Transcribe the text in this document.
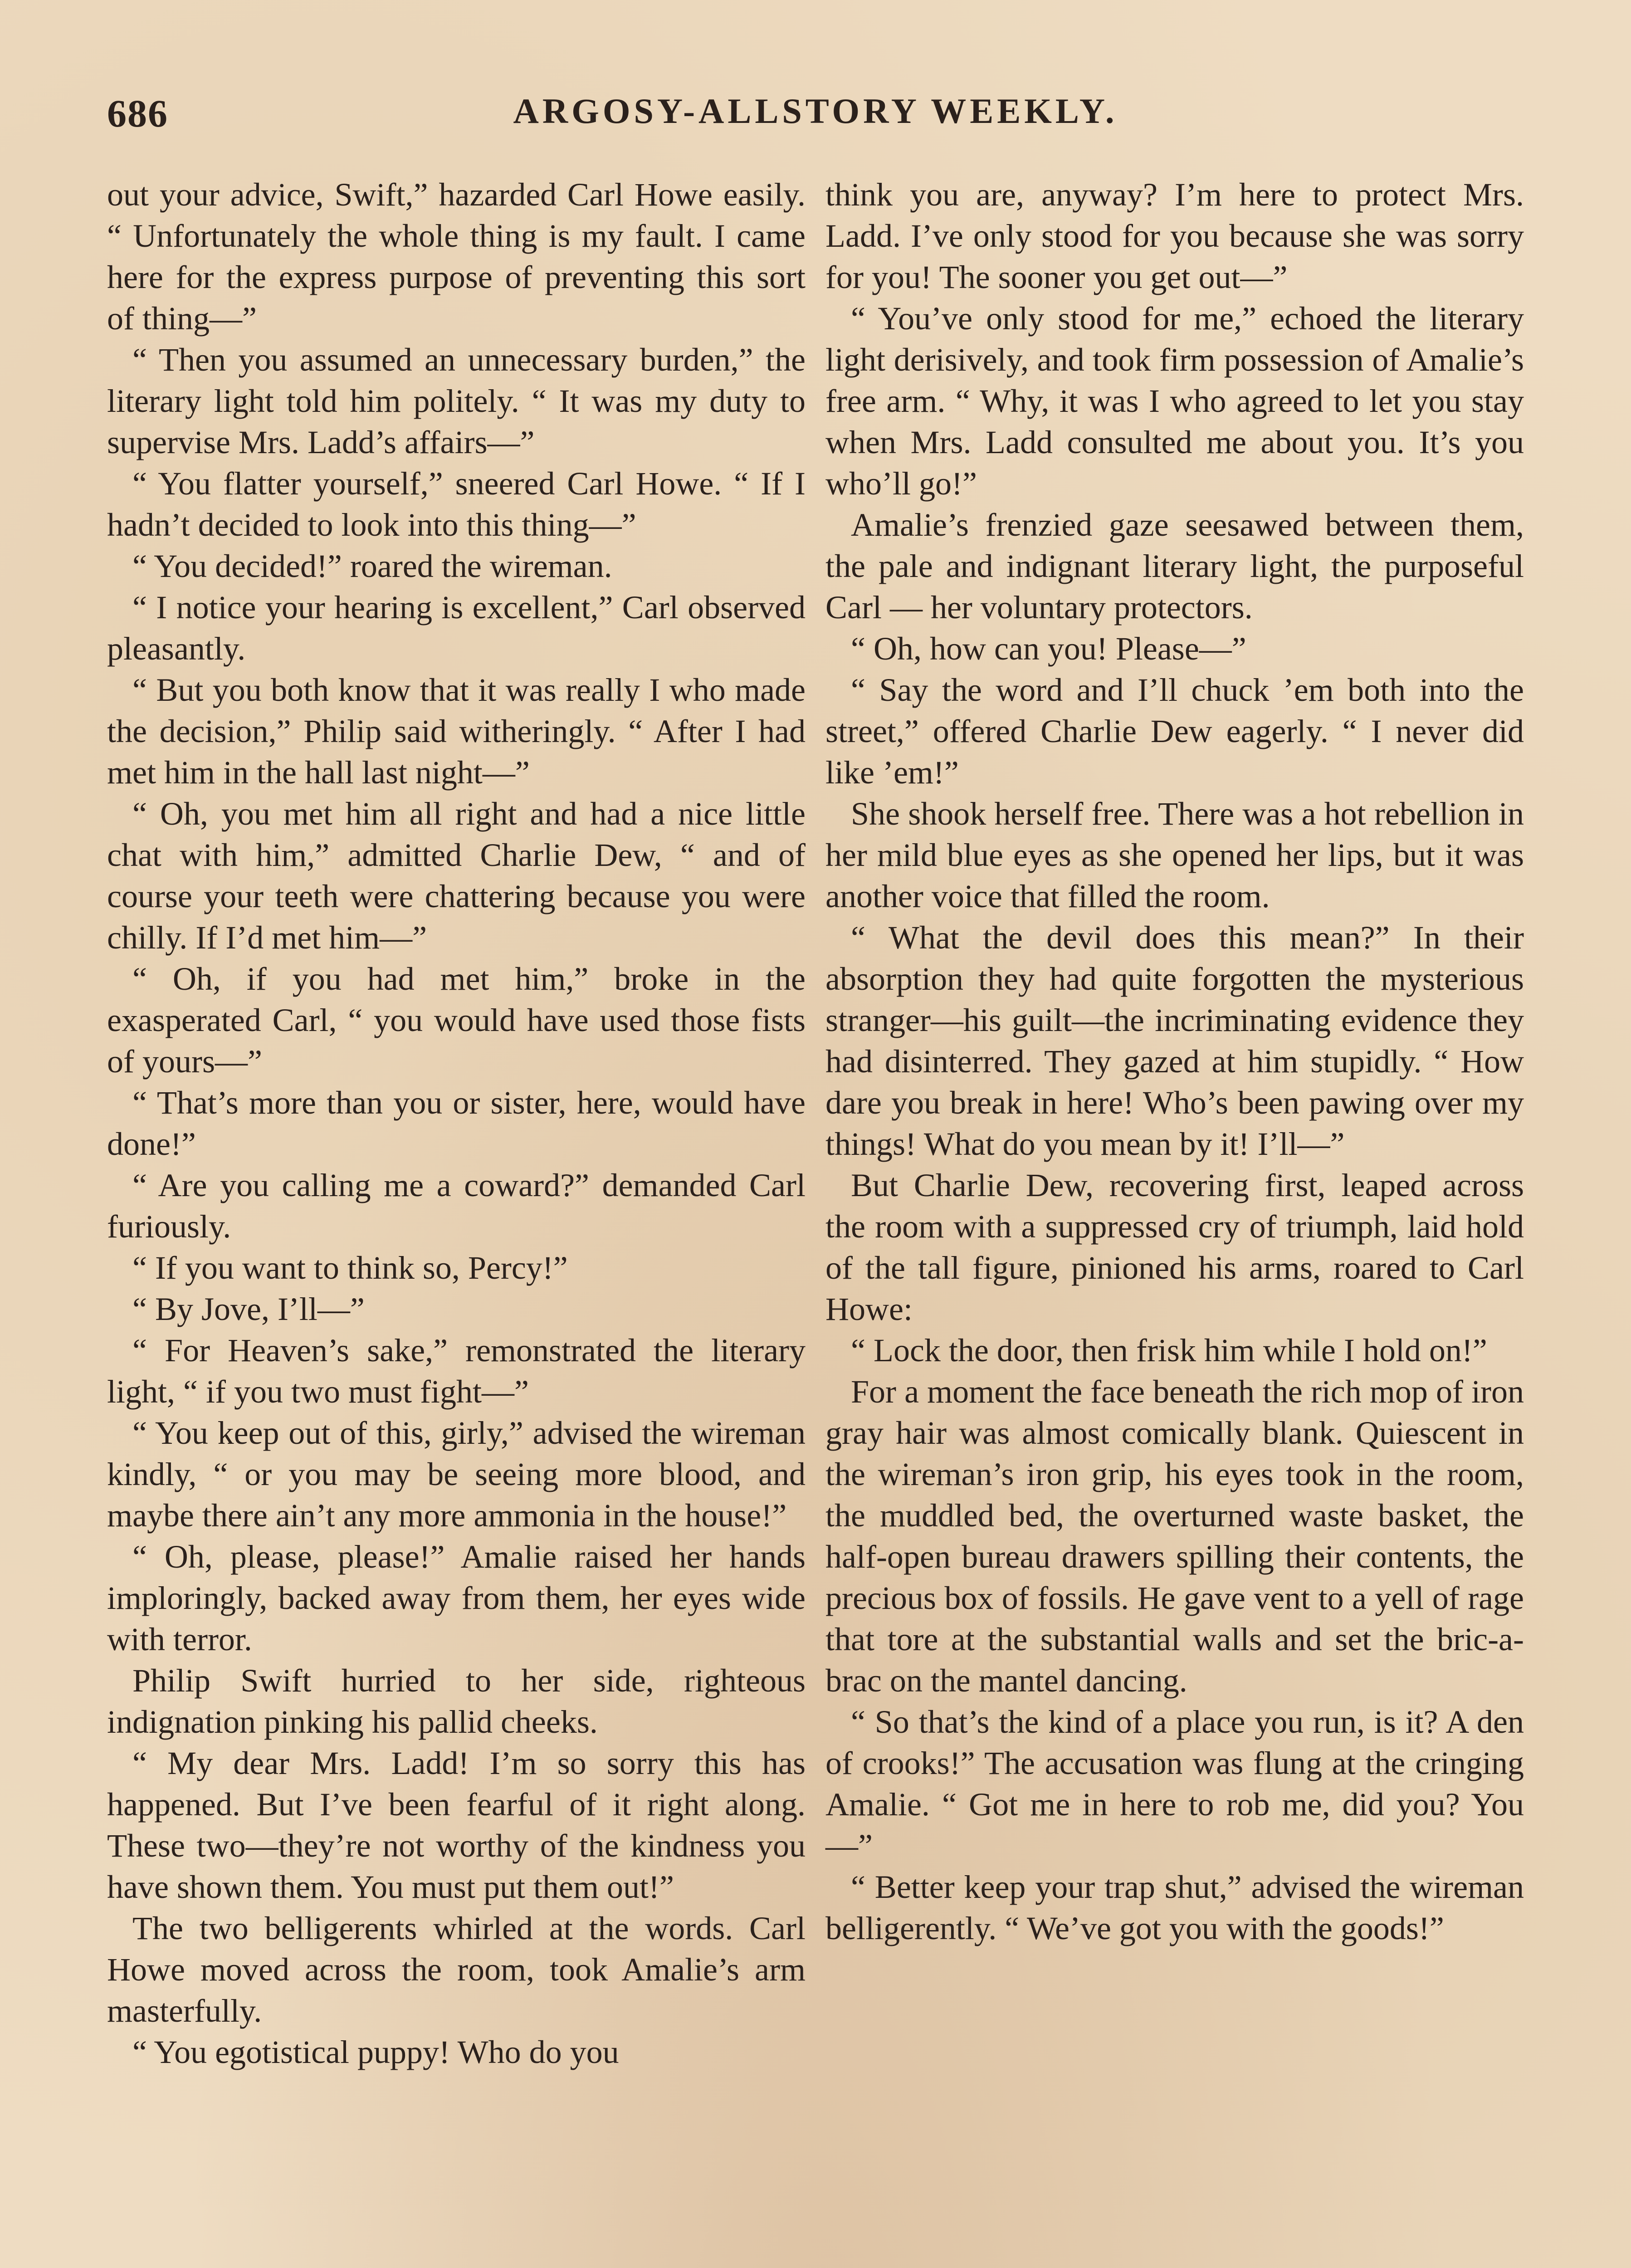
686	ARGOSY-ALLSTORY WEEKLY.

out your advice, Swift,” hazarded Carl Howe easily. “ Unfortunately the whole thing is my fault. I came here for the express purpose of preventing this sort of thing—”

“ Then you assumed an unnecessary burden,” the literary light told him politely. “ It was my duty to supervise Mrs. Ladd’s affairs—”

“ You flatter yourself,” sneered Carl Howe. “ If I hadn’t decided to look into this thing—”

“ You decided!” roared the wireman.

“ I notice your hearing is excellent,” Carl observed pleasantly.

“ But you both know that it was really I who made the decision,” Philip said witheringly. “ After I had met him in the hall last night—”

“ Oh, you met him all right and had a nice little chat with him,” admitted Charlie Dew, “ and of course your teeth were chattering because you were chilly. If I’d met him—”

“ Oh, if you had met him,” broke in the exasperated Carl, “ you would have used those fists of yours—”

“ That’s more than you or sister, here, would have done!”

“ Are you calling me a coward?” demanded Carl furiously.

“ If you want to think so, Percy!”

“ By Jove, I’ll—”

“ For Heaven’s sake,” remonstrated the literary light, “ if you two must fight—”

“ You keep out of this, girly,” advised the wireman kindly, “ or you may be seeing more blood, and maybe there ain’t any more ammonia in the house!”

“ Oh, please, please!” Amalie raised her hands imploringly, backed away from them, her eyes wide with terror.

Philip Swift hurried to her side, righteous indignation pinking his pallid cheeks.

“ My dear Mrs. Ladd! I’m so sorry this has happened. But I’ve been fearful of it right along. These two—they’re not worthy of the kindness you have shown them. You must put them out!”

The two belligerents whirled at the words. Carl Howe moved across the room, took Amalie’s arm masterfully.

“ You egotistical puppy! Who do you

think you are, anyway? I’m here to protect Mrs. Ladd. I’ve only stood for you because she was sorry for you! The sooner you get out—”

“ You’ve only stood for me,” echoed the literary light derisively, and took firm possession of Amalie’s free arm. “ Why, it was I who agreed to let you stay when Mrs. Ladd consulted me about you. It’s you who’ll go!”

Amalie’s frenzied gaze seesawed between them, the pale and indignant literary light, the purposeful Carl — her voluntary protectors.

“ Oh, how can you! Please—”

“ Say the word and I’ll chuck ’em both into the street,” offered Charlie Dew eagerly. “ I never did like ’em!”

She shook herself free. There was a hot rebellion in her mild blue eyes as she opened her lips, but it was another voice that filled the room.

“ What the devil does this mean?” In their absorption they had quite forgotten the mysterious stranger—his guilt—the incriminating evidence they had disinterred. They gazed at him stupidly. “ How dare you break in here! Who’s been pawing over my things! What do you mean by it! I’ll—”

But Charlie Dew, recovering first, leaped across the room with a suppressed cry of triumph, laid hold of the tall figure, pinioned his arms, roared to Carl Howe:

“ Lock the door, then frisk him while I hold on!”

For a moment the face beneath the rich mop of iron gray hair was almost comically blank. Quiescent in the wireman’s iron grip, his eyes took in the room, the muddled bed, the overturned waste basket, the half-open bureau drawers spilling their contents, the precious box of fossils. He gave vent to a yell of rage that tore at the substantial walls and set the bric-a-brac on the mantel dancing.

“ So that’s the kind of a place you run, is it? A den of crooks!” The accusation was flung at the cringing Amalie. “ Got me in here to rob me, did you? You—”

“ Better keep your trap shut,” advised the wireman belligerently. “ We’ve got you with the goods!”
